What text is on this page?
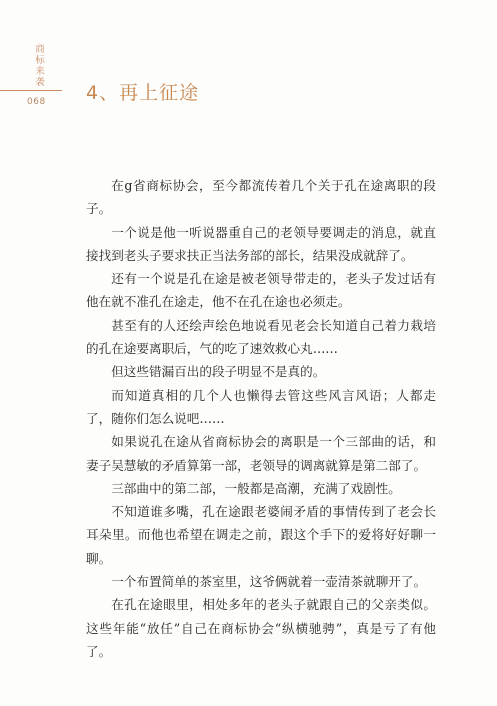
商标来袭
068 4、再上征途

在g省商标协会，至今都流传着几个关于孔在途离职的段子。

一个说是他一听说器重自己的老领导要调走的消息，就直接找到老头子要求扶正当法务部的部长，结果没成就辞了。

还有一个说是孔在途是被老领导带走的，老头子发过话有他在就不准孔在途走，他不在孔在途也必须走。

甚至有的人还绘声绘色地说看见老会长知道自己着力栽培的孔在途要离职后，气的吃了速效救心丸……

但这些错漏百出的段子明显不是真的。

而知道真相的几个人也懒得去管这些风言风语；人都走了，随你们怎么说吧……

如果说孔在途从省商标协会的离职是一个三部曲的话，和妻子吴慧敏的矛盾算第一部，老领导的调离就算是第二部了。

三部曲中的第二部，一般都是高潮，充满了戏剧性。

不知道谁多嘴，孔在途跟老婆闹矛盾的事情传到了老会长耳朵里。而他也希望在调走之前，跟这个手下的爱将好好聊一聊。

一个布置简单的茶室里，这爷俩就着一壶清茶就聊开了。

在孔在途眼里，相处多年的老头子就跟自己的父亲类似。这些年能“放任”自己在商标协会“纵横驰骋”，真是亏了有他了。
